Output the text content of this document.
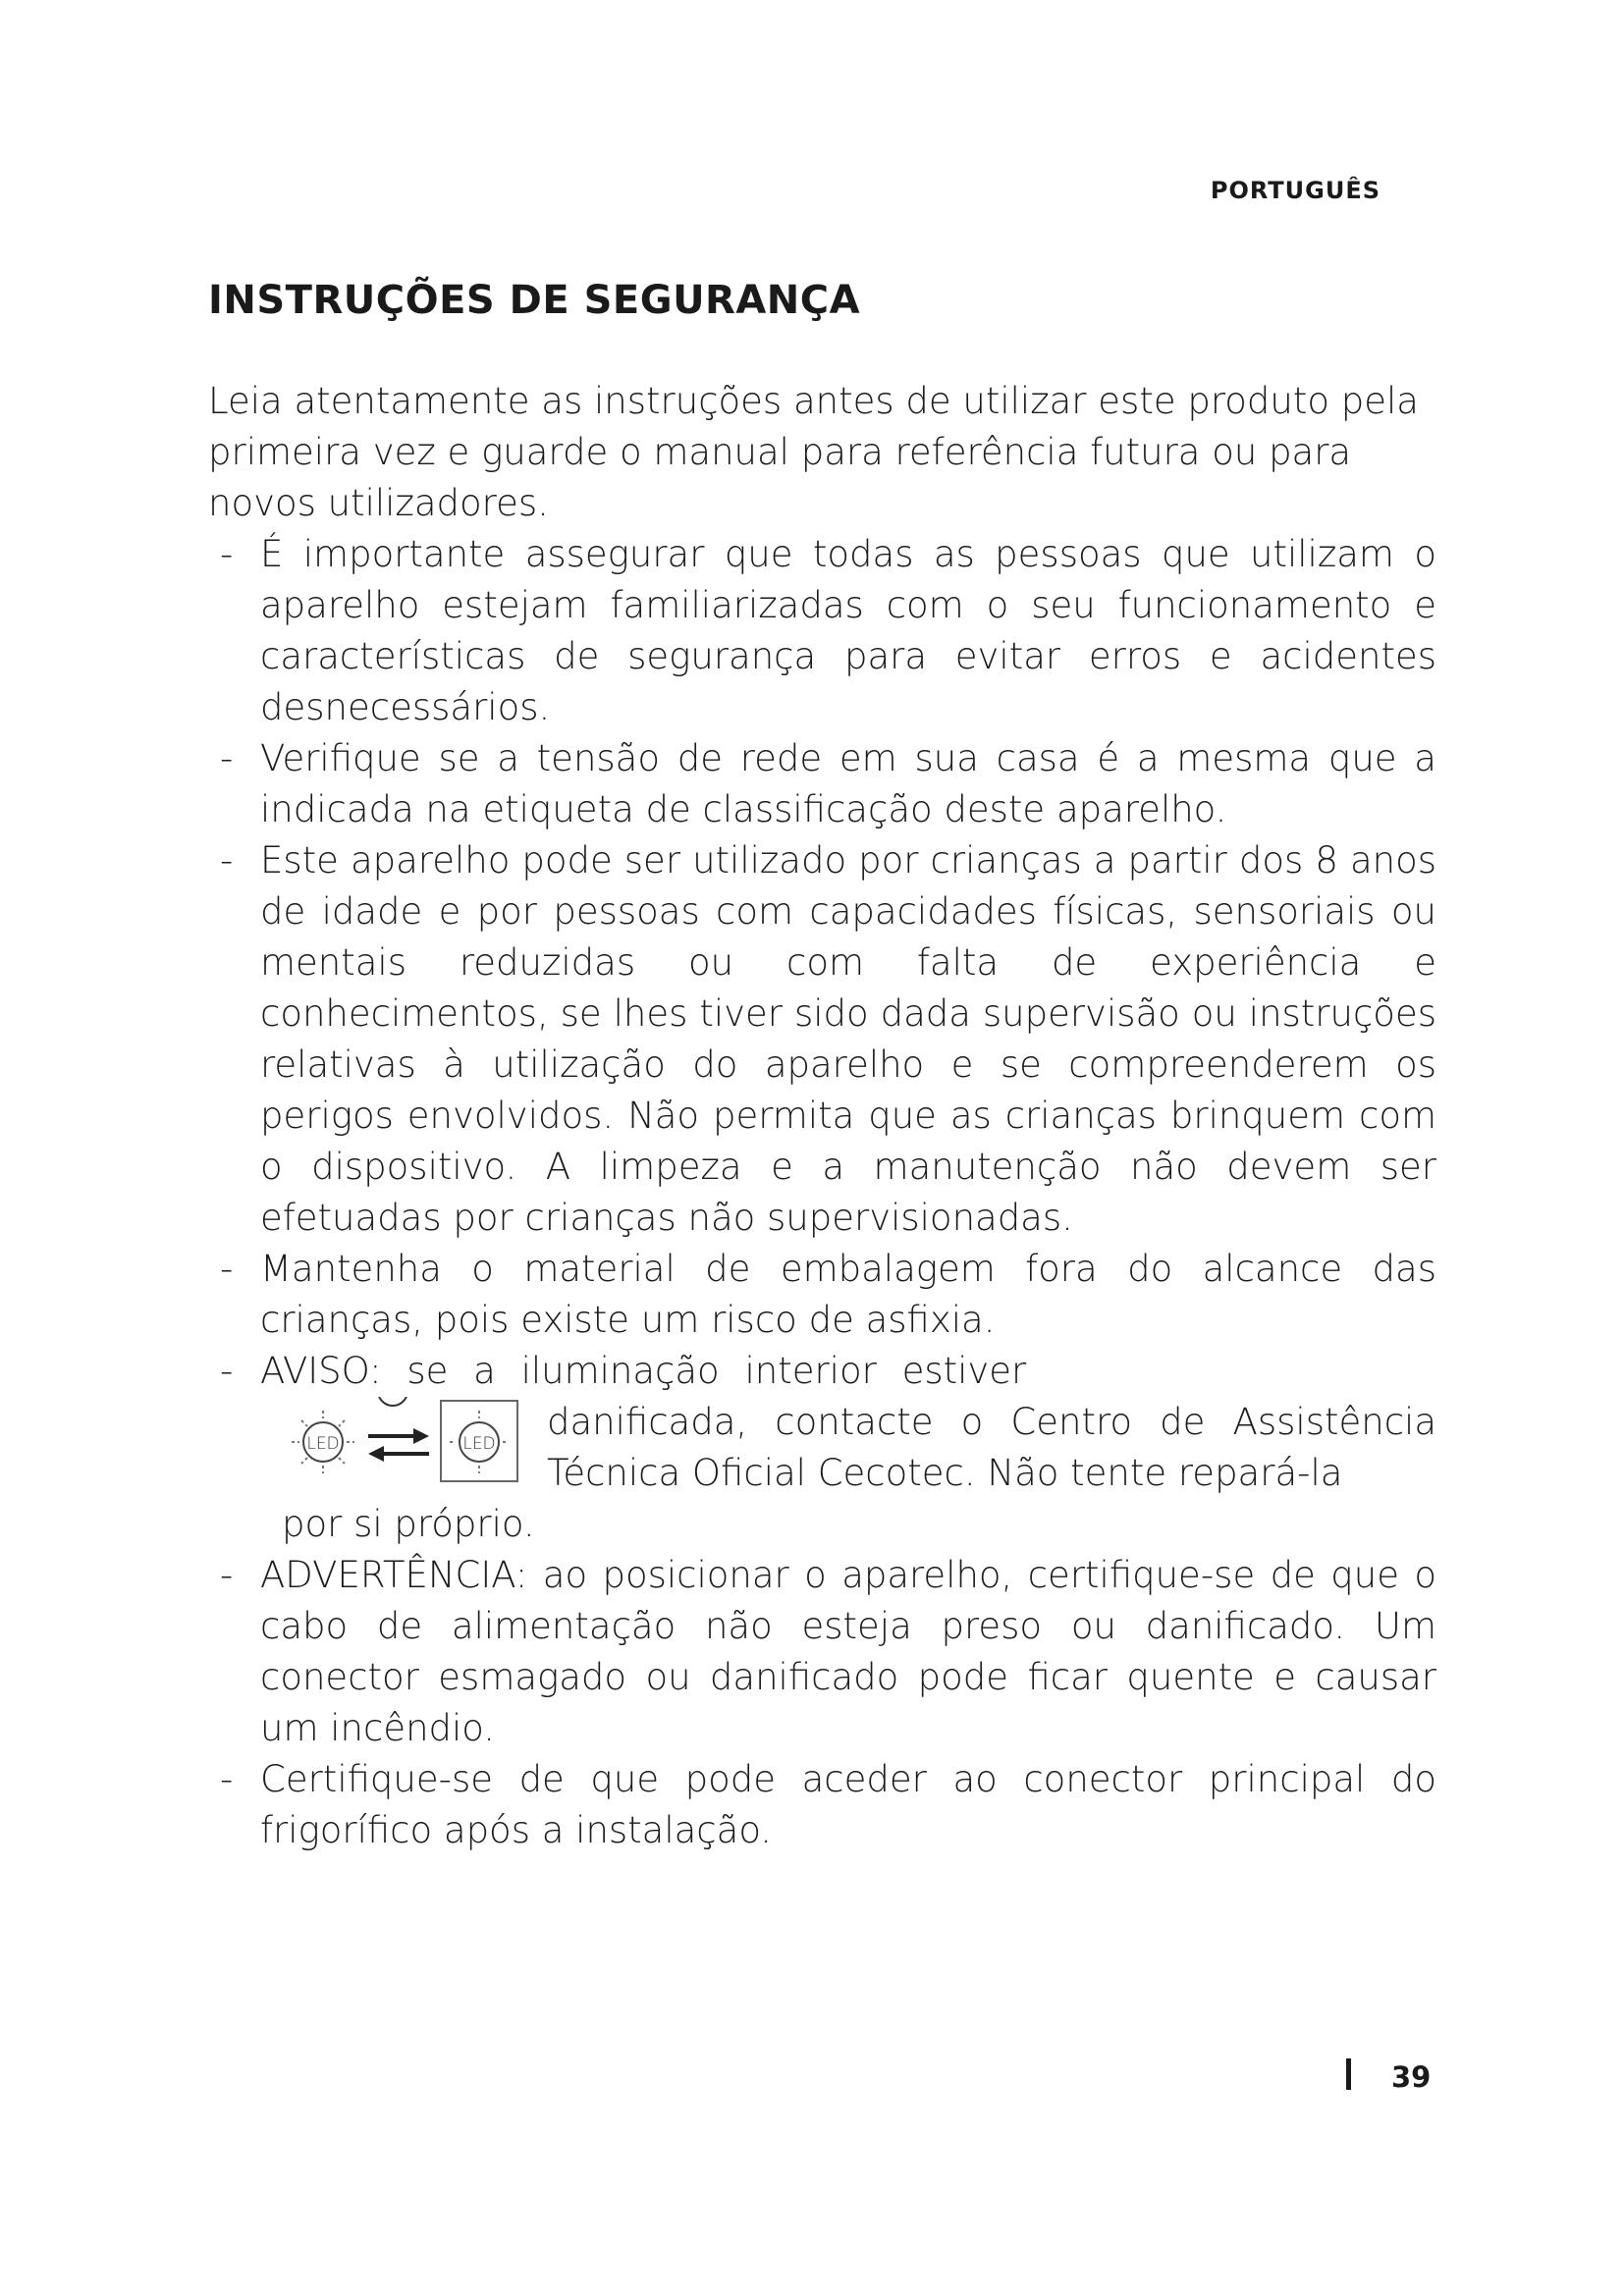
PORTUGUÊS
INSTRUÇÕES DE SEGURANÇA

Leia atentamente as instruções antes de utilizar este produto pela primeira vez e guarde o manual para referência futura ou para novos utilizadores.

- É importante assegurar que todas as pessoas que utilizam o aparelho estejam familiarizadas com o seu funcionamento e características de segurança para evitar erros e acidentes desnecessários.
- Verifique se a tensão de rede em sua casa é a mesma que a indicada na etiqueta de classificação deste aparelho.
- Este aparelho pode ser utilizado por crianças a partir dos 8 anos de idade e por pessoas com capacidades físicas, sensoriais ou mentais reduzidas ou com falta de experiência e conhecimentos, se lhes tiver sido dada supervisão ou instruções relativas à utilização do aparelho e se compreenderem os perigos envolvidos. Não permita que as crianças brinquem com o dispositivo. A limpeza e a manutenção não devem ser efetuadas por crianças não supervisionadas.
- Mantenha o material de embalagem fora do alcance das crianças, pois existe um risco de asfixia.
- AVISO: se a iluminação interior estiver
LED	LED
danificada, contacte o Centro de Assistência Técnica Oficial Cecotec. Não tente repará-la
por si próprio.
- ADVERTÊNCIA: ao posicionar o aparelho, certifique-se de que o cabo de alimentação não esteja preso ou danificado. Um conector esmagado ou danificado pode ficar quente e causar um incêndio.
- Certifique-se de que pode aceder ao conector principal do frigorífico após a instalação.
39
